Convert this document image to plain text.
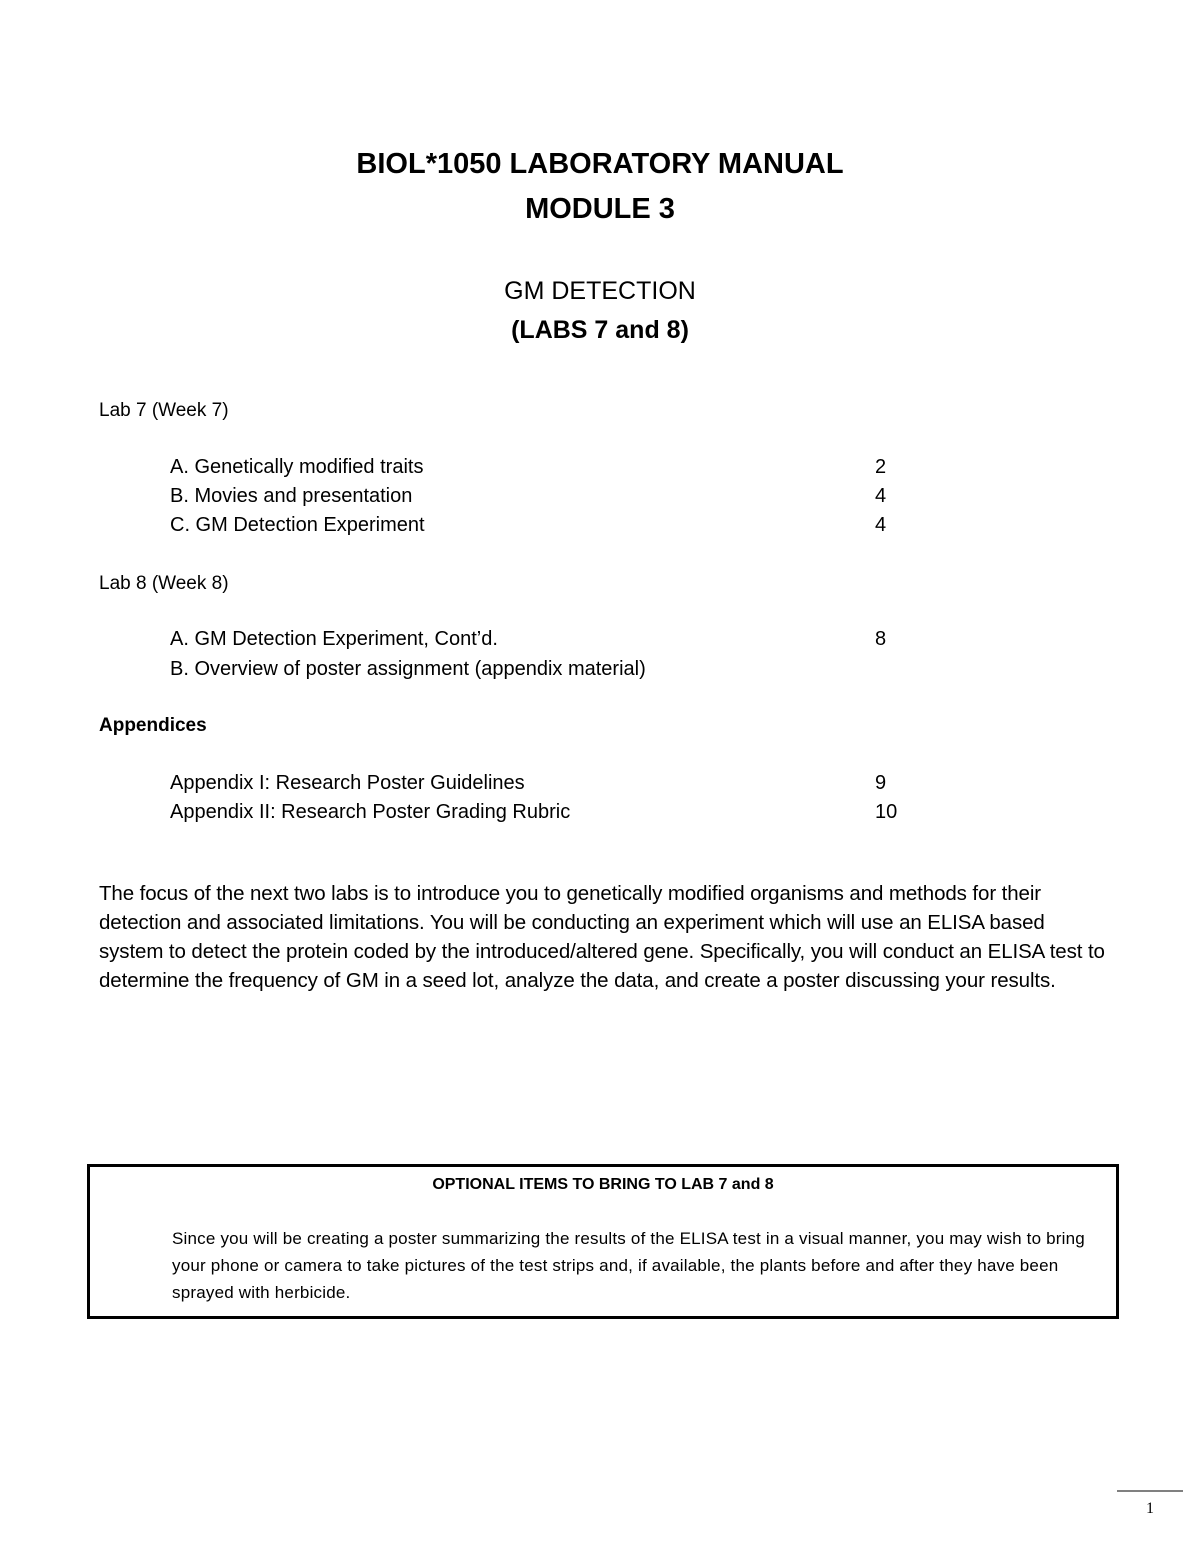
BIOL*1050 LABORATORY MANUAL
MODULE 3
GM DETECTION
(LABS 7 and 8)
Lab 7 (Week 7)
A. Genetically modified traits	2
B. Movies and presentation	4
C. GM Detection Experiment	4
Lab 8 (Week 8)
A. GM Detection Experiment, Cont’d.	8
B. Overview of poster assignment (appendix material)
Appendices
Appendix I: Research Poster Guidelines	9
Appendix II: Research Poster Grading Rubric	10
The focus of the next two labs is to introduce you to genetically modified organisms and methods for their detection and associated limitations. You will be conducting an experiment which will use an ELISA based system to detect the protein coded by the introduced/altered gene. Specifically, you will conduct an ELISA test to determine the frequency of GM in a seed lot, analyze the data, and create a poster discussing your results.
OPTIONAL ITEMS TO BRING TO LAB 7 and 8
Since you will be creating a poster summarizing the results of the ELISA test in a visual manner, you may wish to bring your phone or camera to take pictures of the test strips and, if available, the plants before and after they have been sprayed with herbicide.
1
